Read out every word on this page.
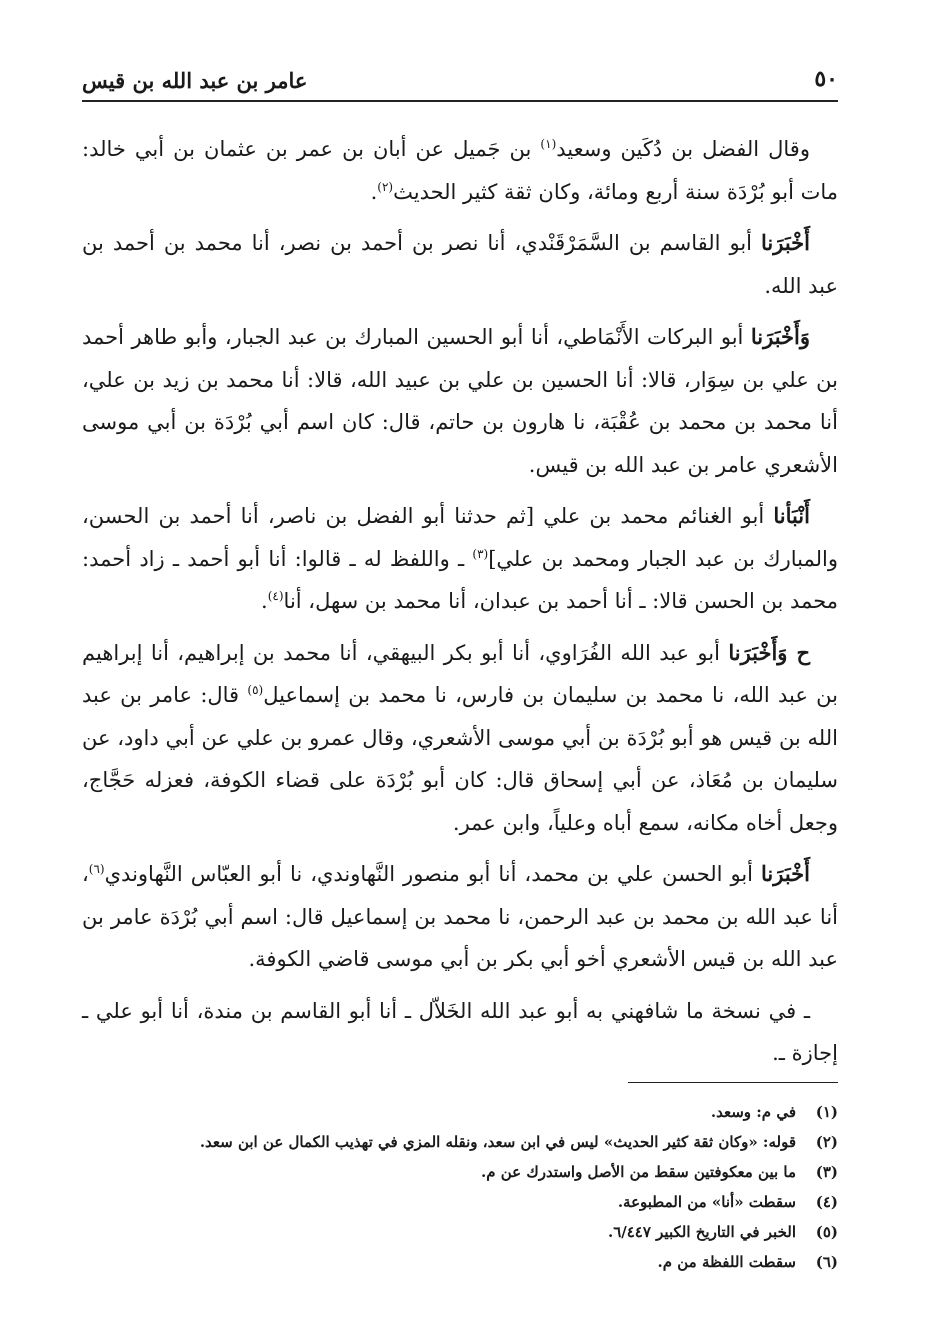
عامر بن عبد الله بن قيس	٥٠

وقال الفضل بن دُكَين وسعيد$^{(١)}$ بن جَميل عن أبان بن عمر بن عثمان بن أبي خالد: مات أبو بُرْدَة سنة أربع ومائة، وكان ثقة كثير الحديث$^{(٢)}$.

أَخْبَرَنا أبو القاسم بن السَّمَرْقَنْدي، أنا نصر بن أحمد بن نصر، أنا محمد بن أحمد بن عبد الله.

وَأَخْبَرَنا أبو البركات الأَنْمَاطي، أنا أبو الحسين المبارك بن عبد الجبار، وأبو طاهر أحمد بن علي بن سِوَار، قالا: أنا الحسين بن علي بن عبيد الله، قالا: أنا محمد بن زيد بن علي، أنا محمد بن محمد بن عُقْبَة، نا هارون بن حاتم، قال: كان اسم أبي بُرْدَة بن أبي موسى الأشعري عامر بن عبد الله بن قيس.

أَنْبَأنا أبو الغنائم محمد بن علي [ثم حدثنا أبو الفضل بن ناصر، أنا أحمد بن الحسن، والمبارك بن عبد الجبار ومحمد بن علي]$^{(٣)}$ ـ واللفظ له ـ قالوا: أنا أبو أحمد ـ زاد أحمد: محمد بن الحسن قالا: ـ أنا أحمد بن عبدان، أنا محمد بن سهل، أنا$^{(٤)}$.

ح وَأَخْبَرَنا أبو عبد الله الفُرَاوي، أنا أبو بكر البيهقي، أنا محمد بن إبراهيم، أنا إبراهيم بن عبد الله، نا محمد بن سليمان بن فارس، نا محمد بن إسماعيل$^{(٥)}$ قال: عامر بن عبد الله بن قيس هو أبو بُرْدَة بن أبي موسى الأشعري، وقال عمرو بن علي عن أبي داود، عن سليمان بن مُعَاذ، عن أبي إسحاق قال: كان أبو بُرْدَة على قضاء الكوفة، فعزله حَجَّاج، وجعل أخاه مكانه، سمع أباه وعلياً، وابن عمر.

أَخْبَرَنا أبو الحسن علي بن محمد، أنا أبو منصور النَّهاوندي، نا أبو العبّاس النَّهاوندي$^{(٦)}$، أنا عبد الله بن محمد بن عبد الرحمن، نا محمد بن إسماعيل قال: اسم أبي بُرْدَة عامر بن عبد الله بن قيس الأشعري أخو أبي بكر بن أبي موسى قاضي الكوفة.

ـ في نسخة ما شافهني به أبو عبد الله الخَلاّل ـ أنا أبو القاسم بن مندة، أنا أبو علي ـ إجازة ـ.

(١)
في م: وسعد.
(٢)
قوله: «وكان ثقة كثير الحديث» ليس في ابن سعد، ونقله المزي في تهذيب الكمال عن ابن سعد.
(٣)
ما بين معكوفتين سقط من الأصل واستدرك عن م.
(٤)
سقطت «أنا» من المطبوعة.
(٥)
الخبر في التاريخ الكبير ٦/٤٤٧.
(٦)
سقطت اللفظة من م.
